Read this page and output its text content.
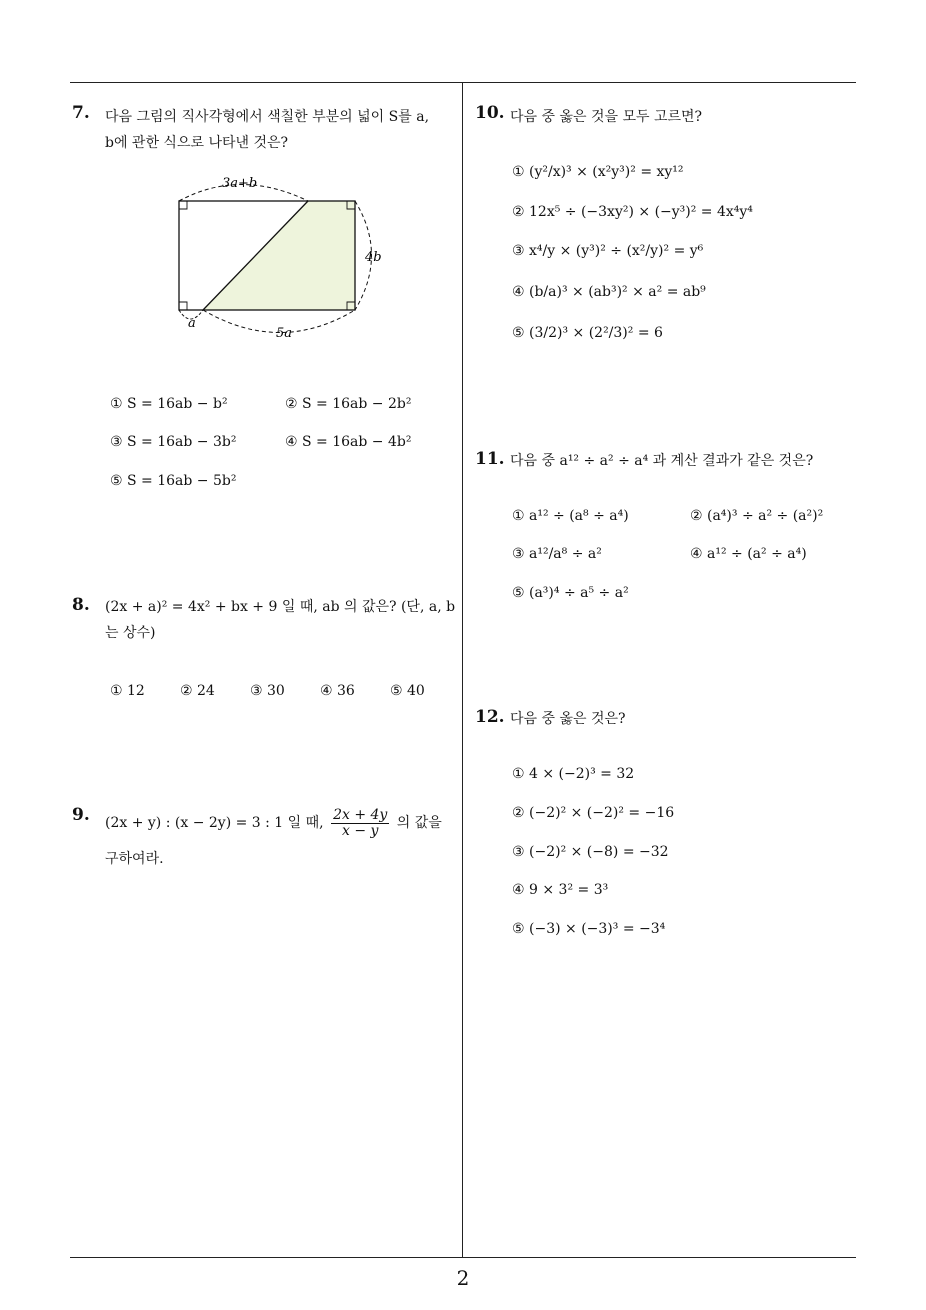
2
7. 다음 그림의 직사각형에서 색칠한 부분의 넓이 S를 a,
b에 관한 식으로 나타낸 것은?
3a+b
4b
a
5a
① S = 16ab − b²	② S = 16ab − 2b²
③ S = 16ab − 3b²	④ S = 16ab − 4b²
⑤ S = 16ab − 5b²
8. (2x + a)² = 4x² + bx + 9 일 때, ab 의 값은? (단, a, b
는 상수)
① 12	② 24	③ 30	④ 36	⑤ 40
9. (2x + y) : (x − 2y) = 3 : 1 일 때, $\frac{2x + 4y}{x - y}$ 의 값을
구하여라.
10. 다음 중 옳은 것을 모두 고르면?
① (y²/x)³ × (x²y³)² = xy¹²
② 12x⁵ ÷ (−3xy²) × (−y³)² = 4x⁴y⁴
③ x⁴/y × (y³)² ÷ (x²/y)² = y⁶
④ (b/a)³ × (ab³)² × a² = ab⁹
⑤ (3/2)³ × (2²/3)² = 6
11. 다음 중 a¹² ÷ a² ÷ a⁴ 과 계산 결과가 같은 것은?
① a¹² ÷ (a⁸ ÷ a⁴)	② (a⁴)³ ÷ a² ÷ (a²)²
③ a¹²/a⁸ ÷ a²	④ a¹² ÷ (a² ÷ a⁴)
⑤ (a³)⁴ ÷ a⁵ ÷ a²
12. 다음 중 옳은 것은?
① 4 × (−2)³ = 32
② (−2)² × (−2)² = −16
③ (−2)² × (−8) = −32
④ 9 × 3² = 3³
⑤ (−3) × (−3)³ = −3⁴
